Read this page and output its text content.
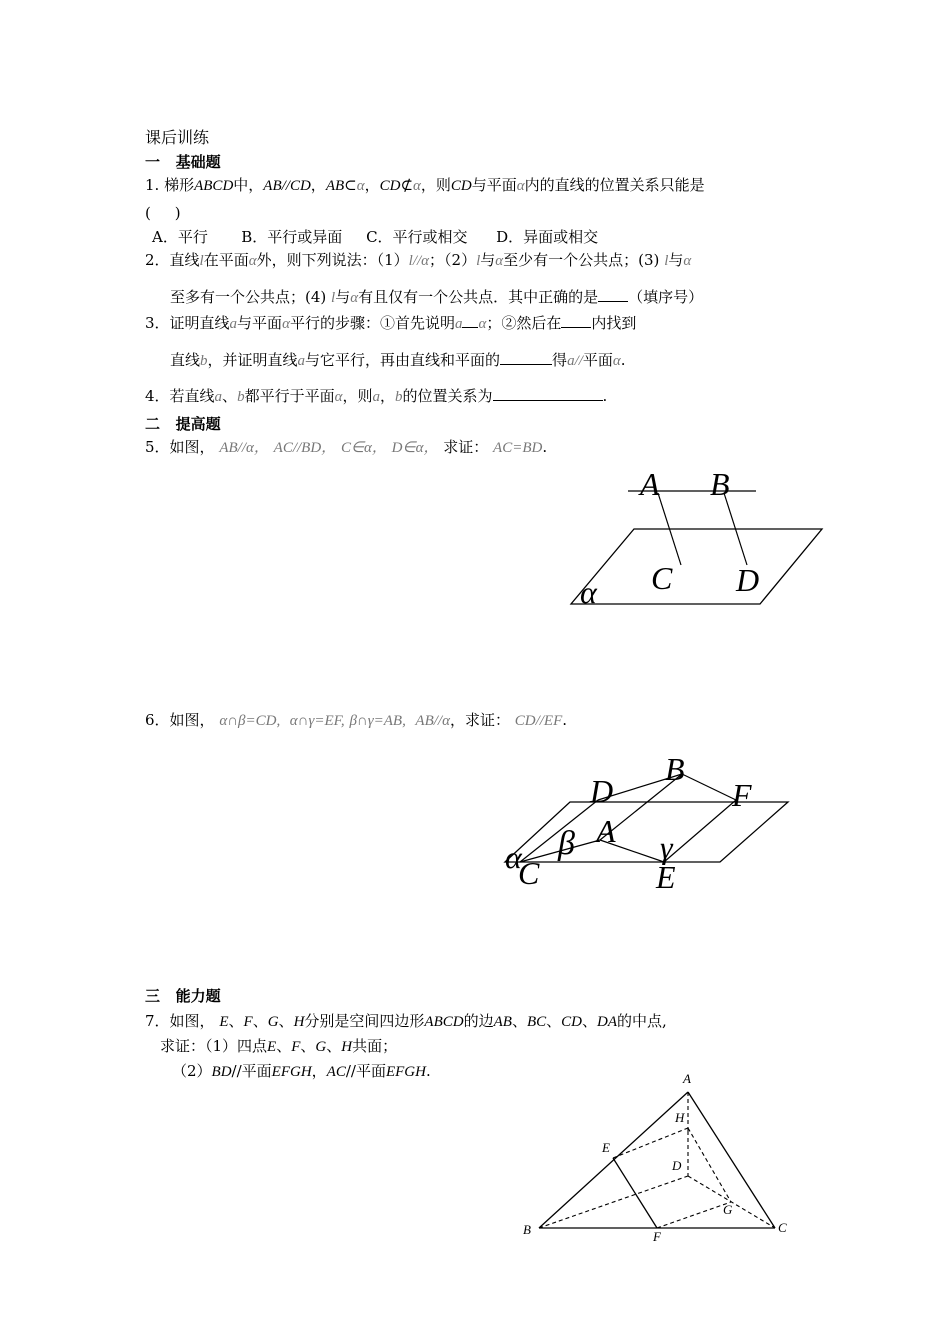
课后训练
一   基础题
1. 梯形ABCD中，AB//CD，AB⊂α，CD⊄α，则CD与平面α内的直线的位置关系只能是
(     )
A．平行       B．平行或异面     C．平行或相交      D．异面或相交
2．直线l在平面α外，则下列说法：（1）l//α；（2）l与α至少有一个公共点；(3) l与α
至多有一个公共点；(4) l与α有且仅有一个公共点．其中正确的是 （填序号）
3．证明直线a与平面α平行的步骤：①首先说明a α；②然后在 内找到
直线b，并证明直线a与它平行，再由直线和平面的	得a//平面α.
4．若直线a、b都平行于平面α，则a，b的位置关系为	.
二   提高题
5．如图， AB//α， AC//BD， C∈α， D∈α， 求证： AC=BD.
A B
C D
α
6．如图， α∩β=CD, α∩γ=EF, β∩γ=AB, AB//α，求证： CD//EF.
B
D	F
A
β	γ
α
C	E
三   能力题
7．如图， E、F、G、H分别是空间四边形ABCD的边AB、BC、CD、DA的中点,
求证：（1）四点E、F、G、H共面；
（2）BD//平面EFGH，AC//平面EFGH.	A
H
E
D
G
B	F
C
